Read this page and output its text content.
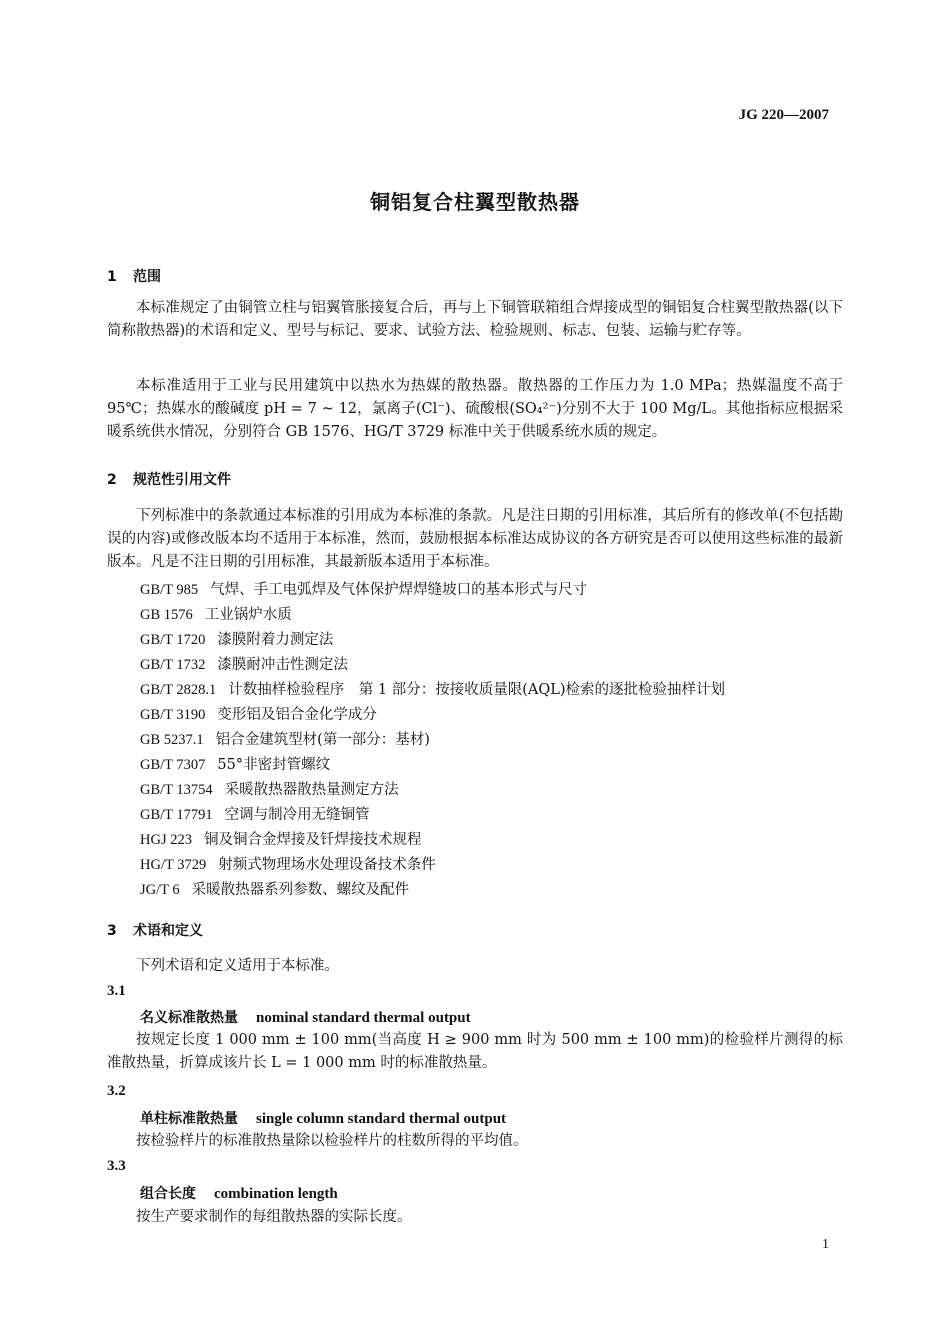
JG 220—2007
铜铝复合柱翼型散热器
1 范围
本标准规定了由铜管立柱与铝翼管胀接复合后，再与上下铜管联箱组合焊接成型的铜铝复合柱翼型散热器(以下简称散热器)的术语和定义、型号与标记、要求、试验方法、检验规则、标志、包装、运输与贮存等。
本标准适用于工业与民用建筑中以热水为热媒的散热器。散热器的工作压力为 1.0 MPa；热媒温度不高于 95℃；热媒水的酸碱度 pH = 7 ~ 12，氯离子(Cl⁻)、硫酸根(SO₄²⁻)分别不大于 100 Mg/L。其他指标应根据采暖系统供水情况，分别符合 GB 1576、HG/T 3729 标准中关于供暖系统水质的规定。
2 规范性引用文件
下列标准中的条款通过本标准的引用成为本标准的条款。凡是注日期的引用标准，其后所有的修改单(不包括勘误的内容)或修改版本均不适用于本标准，然而，鼓励根据本标准达成协议的各方研究是否可以使用这些标准的最新版本。凡是不注日期的引用标准，其最新版本适用于本标准。
GB/T 985 气焊、手工电弧焊及气体保护焊焊缝坡口的基本形式与尺寸
GB 1576 工业锅炉水质
GB/T 1720 漆膜附着力测定法
GB/T 1732 漆膜耐冲击性测定法
GB/T 2828.1 计数抽样检验程序　第 1 部分：按接收质量限(AQL)检索的逐批检验抽样计划
GB/T 3190 变形铝及铝合金化学成分
GB 5237.1 铝合金建筑型材(第一部分：基材)
GB/T 7307 55°非密封管螺纹
GB/T 13754 采暖散热器散热量测定方法
GB/T 17791 空调与制冷用无缝铜管
HGJ 223 铜及铜合金焊接及钎焊接技术规程
HG/T 3729 射频式物理场水处理设备技术条件
JG/T 6 采暖散热器系列参数、螺纹及配件
3 术语和定义
下列术语和定义适用于本标准。
3.1
名义标准散热量 nominal standard thermal output
按规定长度 1 000 mm ± 100 mm(当高度 H ≥ 900 mm 时为 500 mm ± 100 mm)的检验样片测得的标准散热量，折算成该片长 L = 1 000 mm 时的标准散热量。
3.2
单柱标准散热量 single column standard thermal output
按检验样片的标准散热量除以检验样片的柱数所得的平均值。
3.3
组合长度 combination length
按生产要求制作的每组散热器的实际长度。
1
